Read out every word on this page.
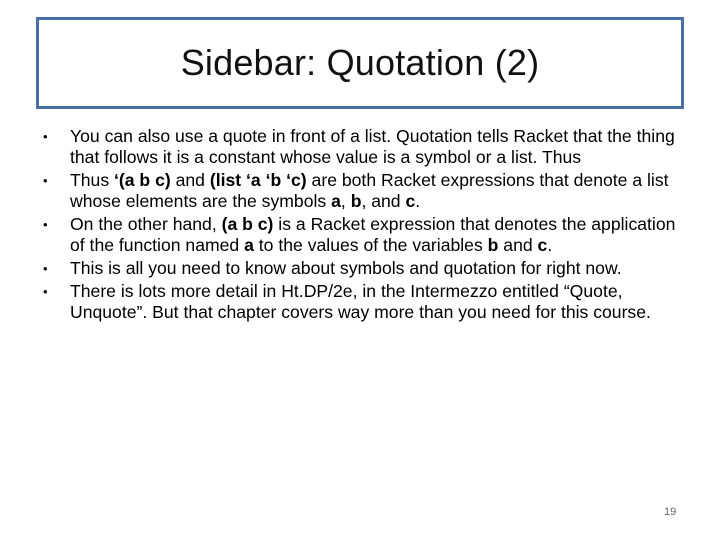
Sidebar: Quotation (2)
• You can also use a quote in front of a list. Quotation tells Racket that the thing that follows it is a constant whose value is a symbol or a list. Thus
• Thus ‘(a b c) and (list ‘a ‘b ‘c) are both Racket expressions that denote a list whose elements are the symbols a, b, and c.
• On the other hand, (a b c) is a Racket expression that denotes the application of the function named a to the values of the variables b and c.
• This is all you need to know about symbols and quotation for right now.
• There is lots more detail in Ht.DP/2e, in the Intermezzo entitled “Quote, Unquote”. But that chapter covers way more than you need for this course.
19
